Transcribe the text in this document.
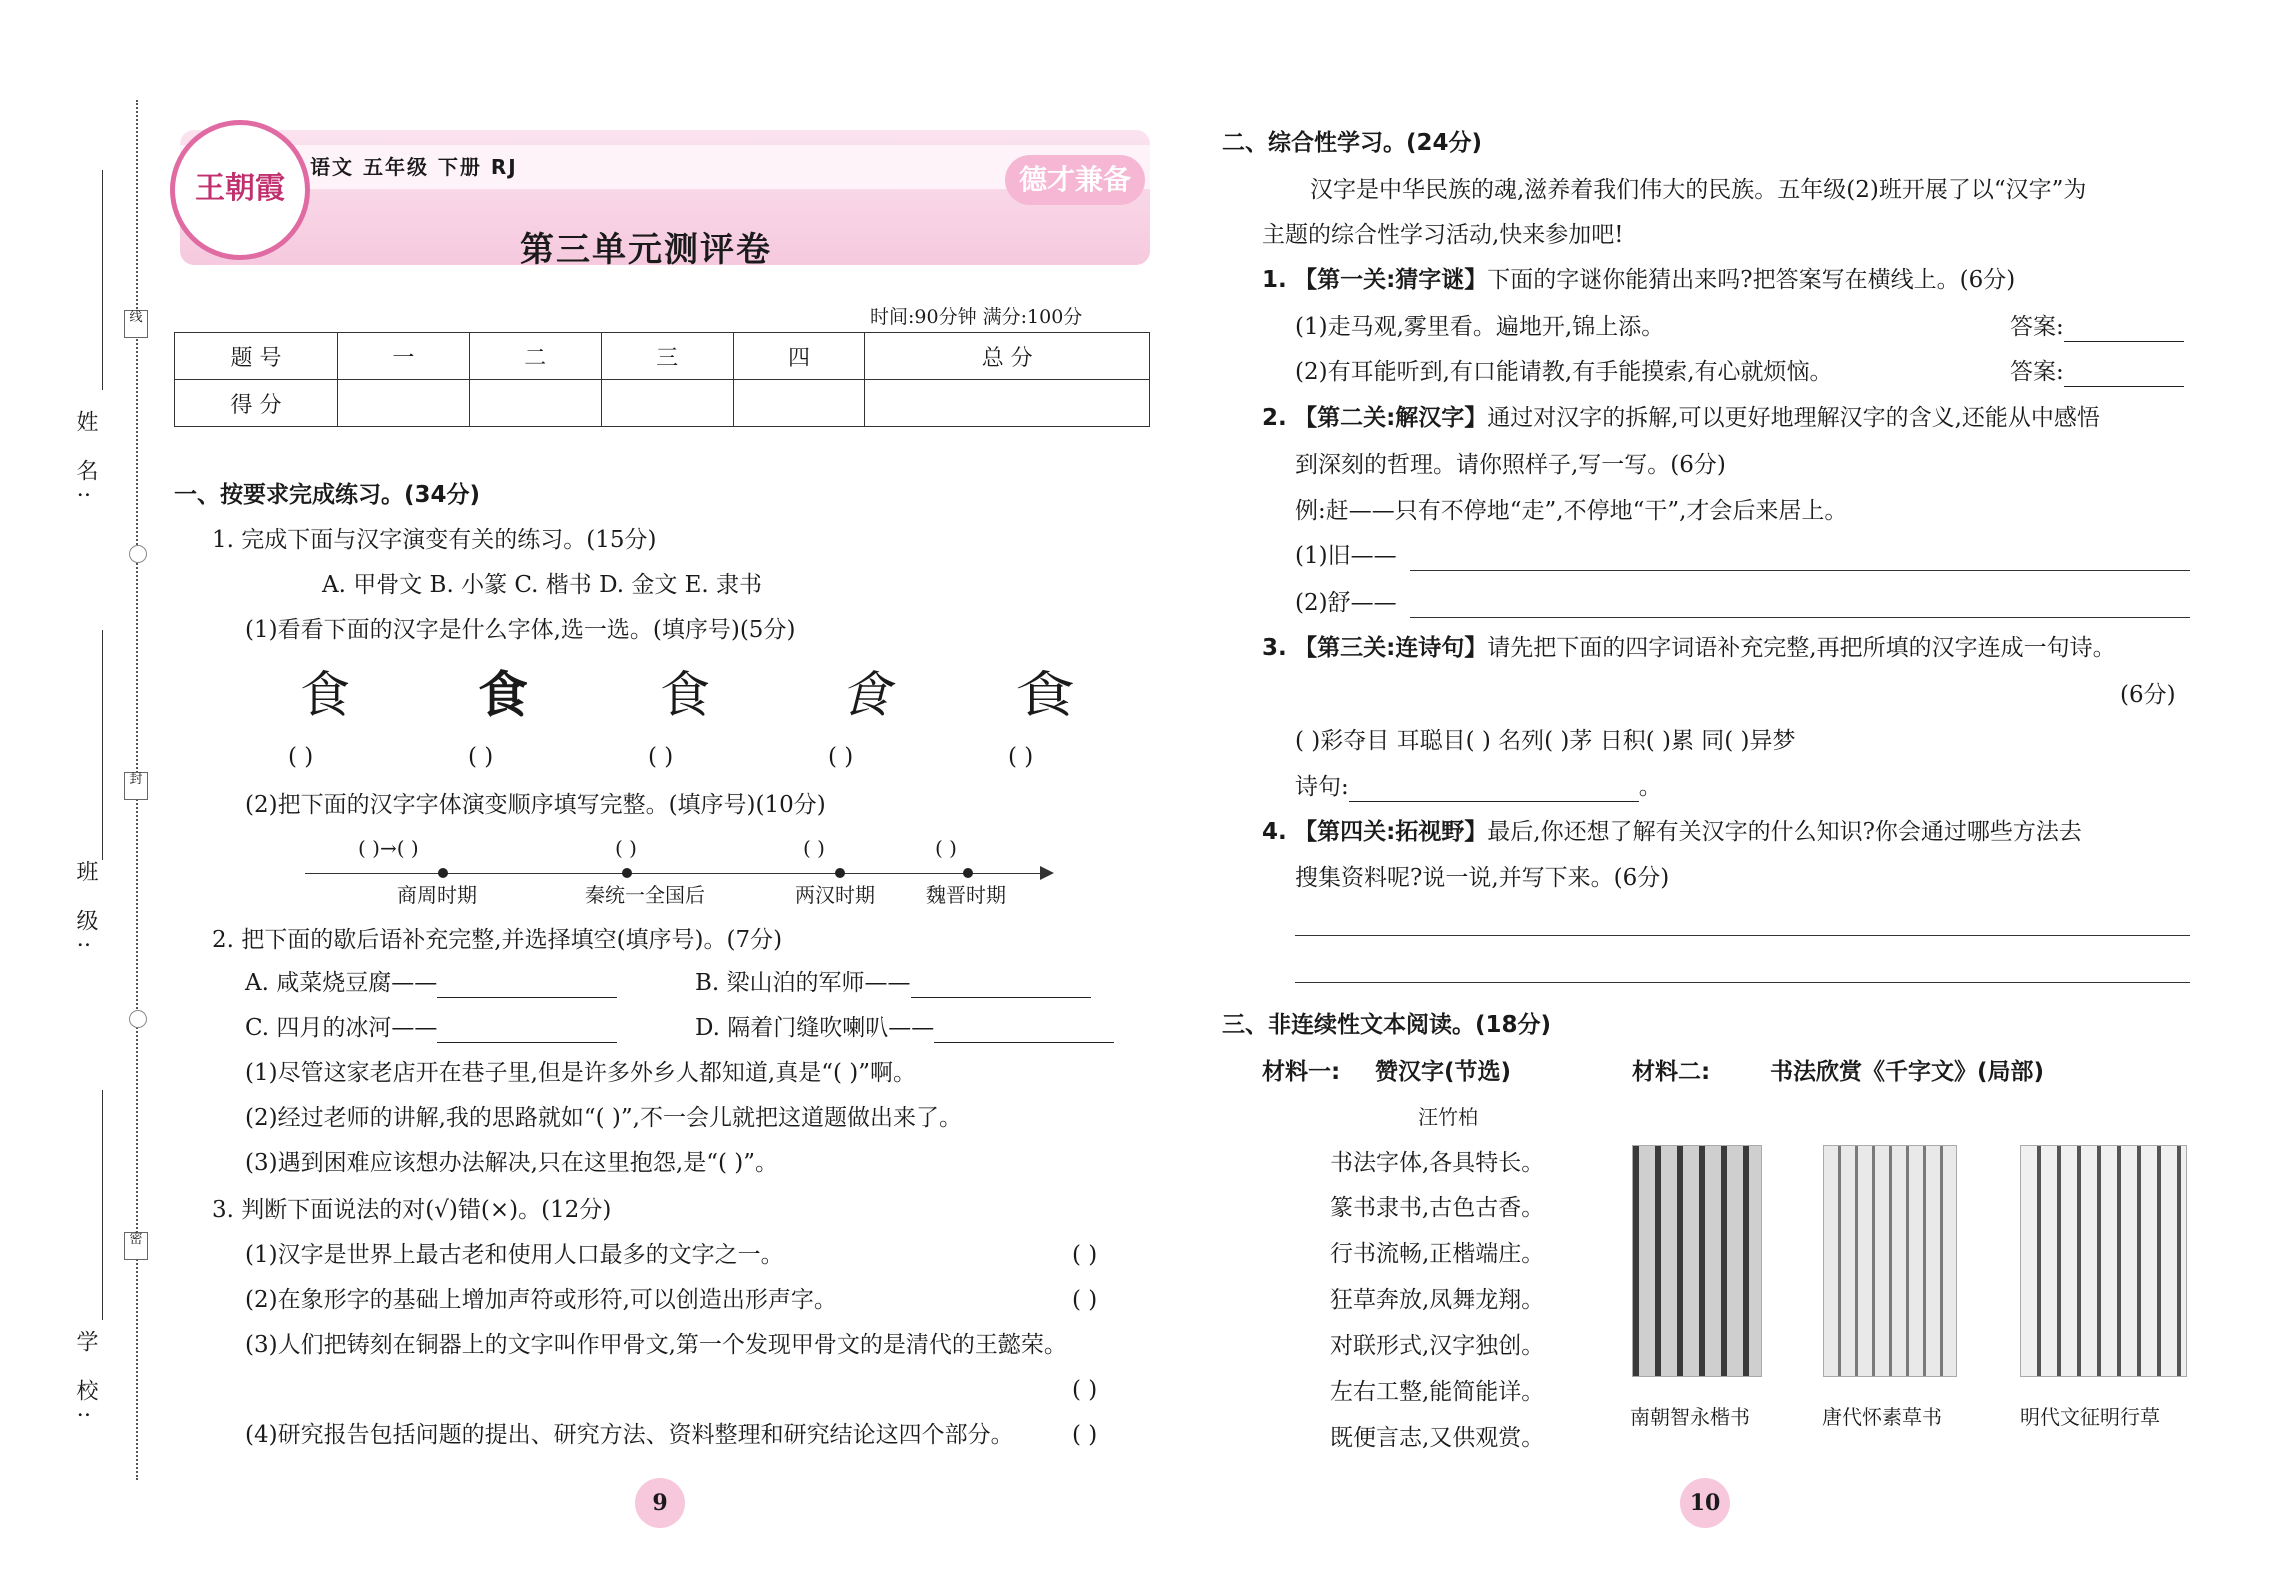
姓 名:
班 级:
学 校:
线
封
密
王朝霞
语文 五年级 下册 RJ	德才兼备
第三单元测评卷
时间:90分钟 满分:100分
题 号	一	二	三	四	总 分
得 分					
一、按要求完成练习。(34分)
1. 完成下面与汉字演变有关的练习。(15分)
A. 甲骨文 B. 小篆 C. 楷书 D. 金文 E. 隶书
(1)看看下面的汉字是什么字体,选一选。(填序号)(5分)
食	食	食	食	食
( )	( )	( )	( )	( )
(2)把下面的汉字字体演变顺序填写完整。(填序号)(10分)
( )→( )	( )	( )	( )
商周时期	秦统一全国后	两汉时期	魏晋时期
2. 把下面的歇后语补充完整,并选择填空(填序号)。(7分)
A. 咸菜烧豆腐——	B. 梁山泊的军师——
C. 四月的冰河——	D. 隔着门缝吹喇叭——
(1)尽管这家老店开在巷子里,但是许多外乡人都知道,真是“( )”啊。
(2)经过老师的讲解,我的思路就如“( )”,不一会儿就把这道题做出来了。
(3)遇到困难应该想办法解决,只在这里抱怨,是“( )”。
3. 判断下面说法的对(√)错(×)。(12分)
(1)汉字是世界上最古老和使用人口最多的文字之一。	( )
(2)在象形字的基础上增加声符或形符,可以创造出形声字。	( )
(3)人们把铸刻在铜器上的文字叫作甲骨文,第一个发现甲骨文的是清代的王懿荣。
( )
(4)研究报告包括问题的提出、研究方法、资料整理和研究结论这四个部分。	( )
9
二、综合性学习。(24分)
汉字是中华民族的魂,滋养着我们伟大的民族。五年级(2)班开展了以“汉字”为
主题的综合性学习活动,快来参加吧!
1. 【第一关:猜字谜】下面的字谜你能猜出来吗?把答案写在横线上。(6分)
(1)走马观,雾里看。遍地开,锦上添。	答案:
(2)有耳能听到,有口能请教,有手能摸索,有心就烦恼。	答案:
2. 【第二关:解汉字】通过对汉字的拆解,可以更好地理解汉字的含义,还能从中感悟
到深刻的哲理。请你照样子,写一写。(6分)
例:赶——只有不停地“走”,不停地“干”,才会后来居上。
(1)旧——
(2)舒——
3. 【第三关:连诗句】请先把下面的四字词语补充完整,再把所填的汉字连成一句诗。
(6分)
( )彩夺目 耳聪目( ) 名列( )茅 日积( )累 同( )异梦
诗句:	。
4. 【第四关:拓视野】最后,你还想了解有关汉字的什么知识?你会通过哪些方法去
搜集资料呢?说一说,并写下来。(6分)
三、非连续性文本阅读。(18分)
材料一: 赞汉字(节选)
汪竹柏
书法字体,各具特长。
篆书隶书,古色古香。
行书流畅,正楷端庄。
狂草奔放,凤舞龙翔。
对联形式,汉字独创。
左右工整,能简能详。
既便言志,又供观赏。
材料二:	书法欣赏《千字文》(局部)
南朝智永楷书	唐代怀素草书	明代文征明行草
10
